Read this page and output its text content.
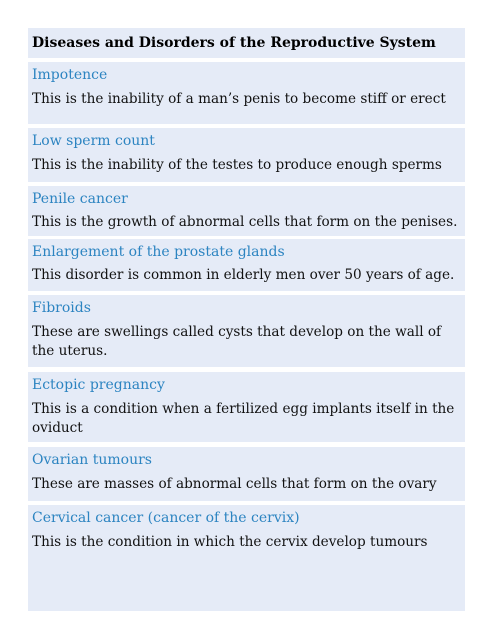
Diseases and Disorders of the Reproductive System
Impotence
This is the inability of a man’s penis to become stiff or erect
Low sperm count
This is the inability of the testes to produce enough sperms
Penile cancer
This is the growth of abnormal cells that form on the penises.
Enlargement of the prostate glands
This disorder is common in elderly men over 50 years of age.
Fibroids
These are swellings called cysts that develop on the wall of the uterus.
Ectopic pregnancy
This is a condition when a fertilized egg implants itself in the oviduct
Ovarian tumours
These are masses of abnormal cells that form on the ovary
Cervical cancer (cancer of the cervix)
This is the condition in which the cervix develop tumours
